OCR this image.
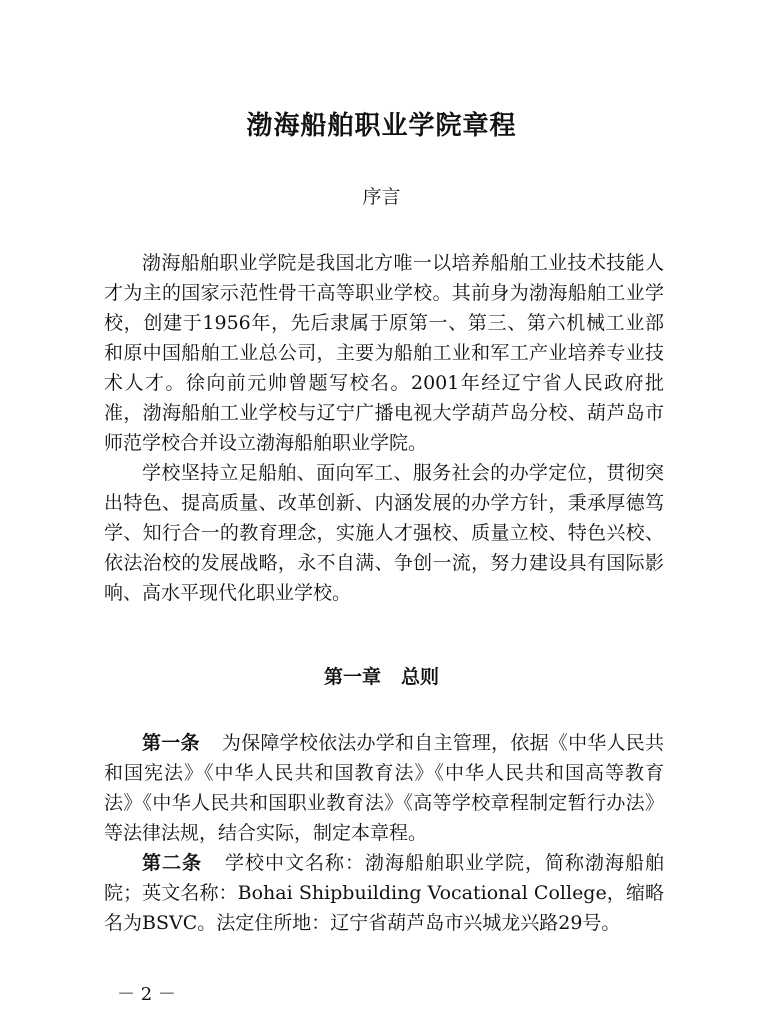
渤海船舶职业学院章程
序言

渤海船舶职业学院是我国北方唯一以培养船舶工业技术技能人才为主的国家示范性骨干高等职业学校。其前身为渤海船舶工业学校，创建于1956年，先后隶属于原第一、第三、第六机械工业部和原中国船舶工业总公司，主要为船舶工业和军工产业培养专业技术人才。徐向前元帅曾题写校名。2001年经辽宁省人民政府批准，渤海船舶工业学校与辽宁广播电视大学葫芦岛分校、葫芦岛市师范学校合并设立渤海船舶职业学院。

学校坚持立足船舶、面向军工、服务社会的办学定位，贯彻突出特色、提高质量、改革创新、内涵发展的办学方针，秉承厚德笃学、知行合一的教育理念，实施人才强校、质量立校、特色兴校、依法治校的发展战略，永不自满、争创一流，努力建设具有国际影响、高水平现代化职业学校。

第一章 总则

第一条 为保障学校依法办学和自主管理，依据《中华人民共和国宪法》《中华人民共和国教育法》《中华人民共和国高等教育法》《中华人民共和国职业教育法》《高等学校章程制定暂行办法》等法律法规，结合实际，制定本章程。

第二条 学校中文名称：渤海船舶职业学院，简称渤海船舶院；英文名称：Bohai Shipbuilding Vocational College，缩略名为BSVC。法定住所地：辽宁省葫芦岛市兴城龙兴路29号。

－ 2 －
